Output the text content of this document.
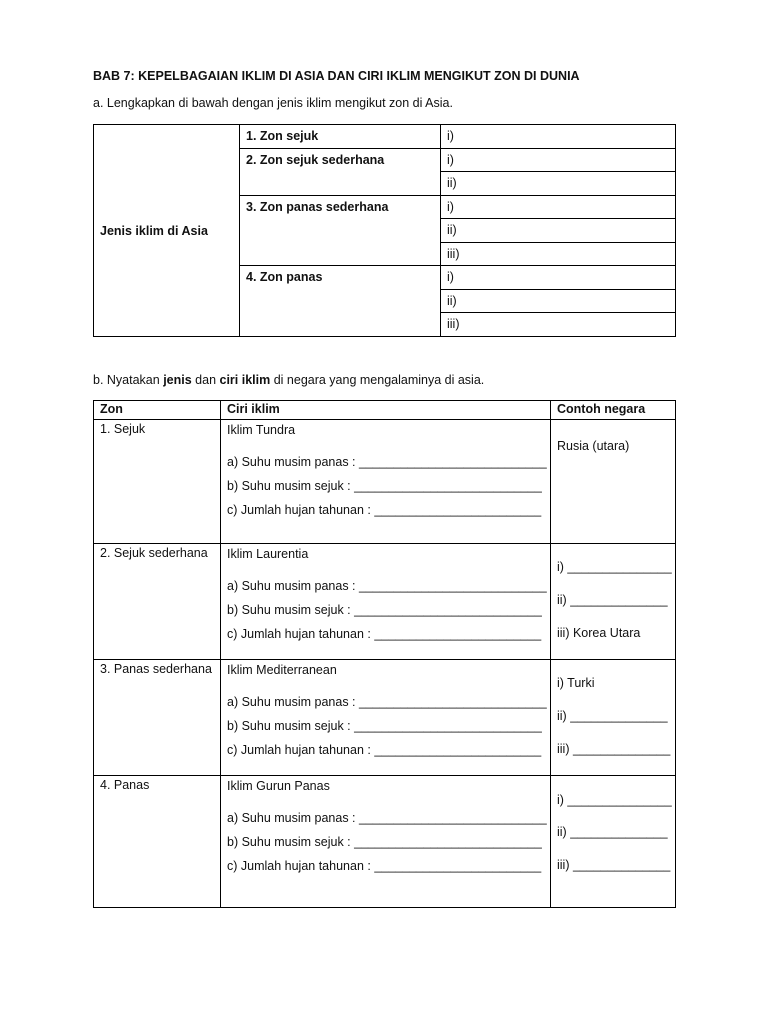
BAB 7: KEPELBAGAIAN IKLIM DI ASIA DAN CIRI IKLIM MENGIKUT ZON DI DUNIA
a. Lengkapkan di bawah dengan jenis iklim mengikut zon di Asia.
Jenis iklim di Asia	1. Zon sejuk	i)
	2. Zon sejuk sederhana	i)
		ii)
	3. Zon panas sederhana	i)
		ii)
		iii)
	4. Zon panas	i)
		ii)
		iii)
b. Nyatakan jenis dan ciri iklim di negara yang mengalaminya di asia.
Zon	Ciri iklim	Contoh negara
1. Sejuk	Iklim Tundra
a) Suhu musim panas : ___________________________
b) Suhu musim sejuk : ___________________________
c) Jumlah hujan tahunan : ________________________	Rusia (utara)

2. Sejuk sederhana	Iklim Laurentia
a) Suhu musim panas : ___________________________
b) Suhu musim sejuk : ___________________________
c) Jumlah hujan tahunan : ________________________	i) _______________
ii) ______________
iii) Korea Utara

3. Panas sederhana	Iklim Mediterranean
a) Suhu musim panas : ___________________________
b) Suhu musim sejuk : ___________________________
c) Jumlah hujan tahunan : ________________________	i) Turki
ii) ______________
iii) ______________

4. Panas	Iklim Gurun Panas
a) Suhu musim panas : ___________________________
b) Suhu musim sejuk : ___________________________
c) Jumlah hujan tahunan : ________________________	i) _______________
ii) ______________
iii) ______________
